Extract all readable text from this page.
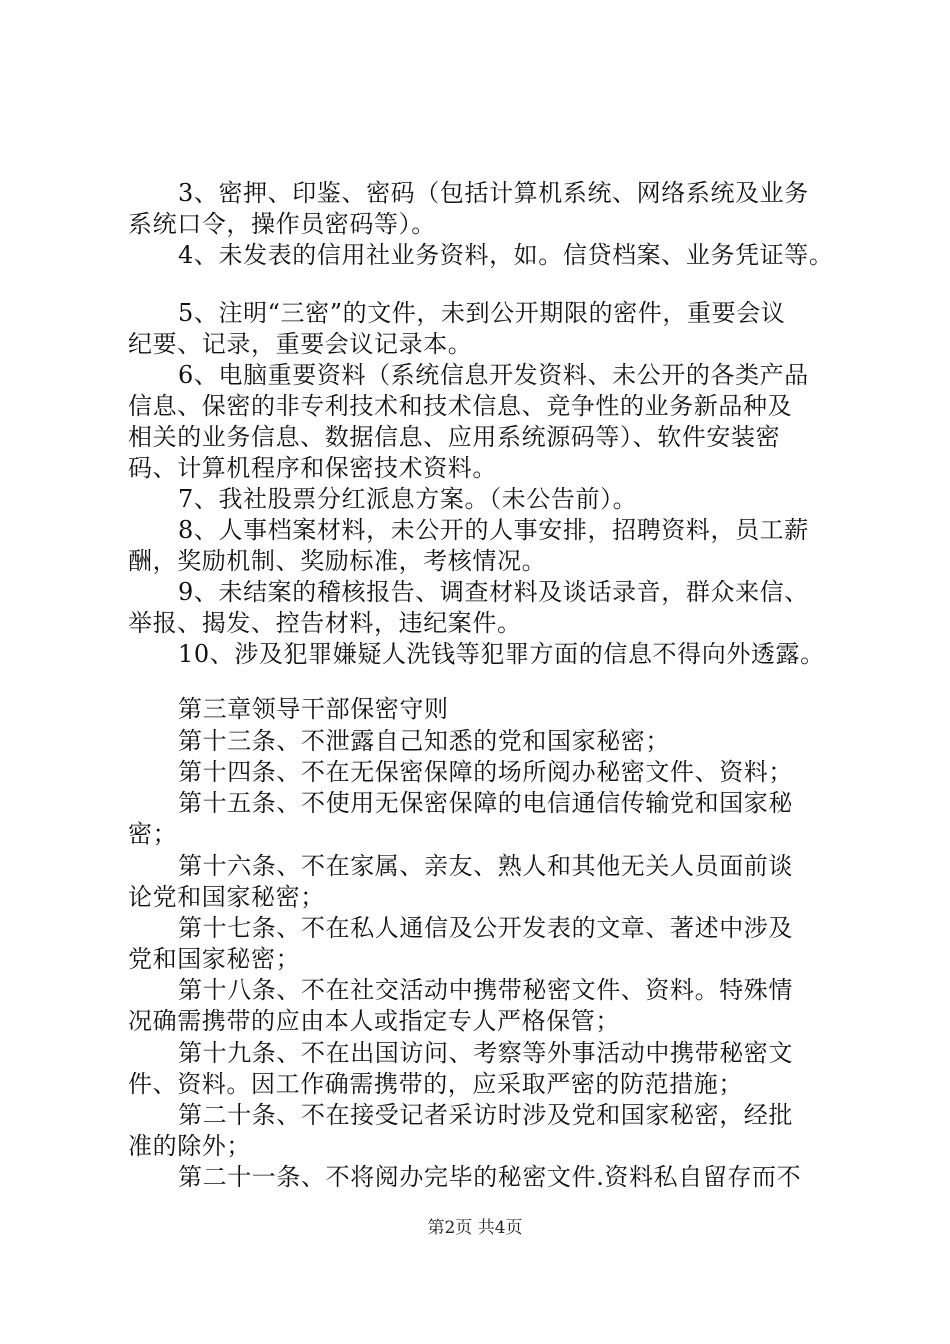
3、密押、印鉴、密码（包括计算机系统、网络系统及业务
系统口令，操作员密码等）。
4、未发表的信用社业务资料，如。信贷档案、业务凭证等。
5、注明“三密”的文件，未到公开期限的密件，重要会议
纪要、记录，重要会议记录本。
6、电脑重要资料（系统信息开发资料、未公开的各类产品
信息、保密的非专利技术和技术信息、竞争性的业务新品种及
相关的业务信息、数据信息、应用系统源码等）、软件安装密
码、计算机程序和保密技术资料。
7、我社股票分红派息方案。（未公告前）。
8、人事档案材料，未公开的人事安排，招聘资料，员工薪
酬，奖励机制、奖励标准，考核情况。
9、未结案的稽核报告、调查材料及谈话录音，群众来信、
举报、揭发、控告材料，违纪案件。
10、涉及犯罪嫌疑人洗钱等犯罪方面的信息不得向外透露。
第三章领导干部保密守则
第十三条、不泄露自己知悉的党和国家秘密；
第十四条、不在无保密保障的场所阅办秘密文件、资料；
第十五条、不使用无保密保障的电信通信传输党和国家秘
密；
第十六条、不在家属、亲友、熟人和其他无关人员面前谈
论党和国家秘密；
第十七条、不在私人通信及公开发表的文章、著述中涉及
党和国家秘密；
第十八条、不在社交活动中携带秘密文件、资料。特殊情
况确需携带的应由本人或指定专人严格保管；
第十九条、不在出国访问、考察等外事活动中携带秘密文
件、资料。因工作确需携带的，应采取严密的防范措施；
第二十条、不在接受记者采访时涉及党和国家秘密，经批
准的除外；
第二十一条、不将阅办完毕的秘密文件.资料私自留存而不
第2页 共4页
